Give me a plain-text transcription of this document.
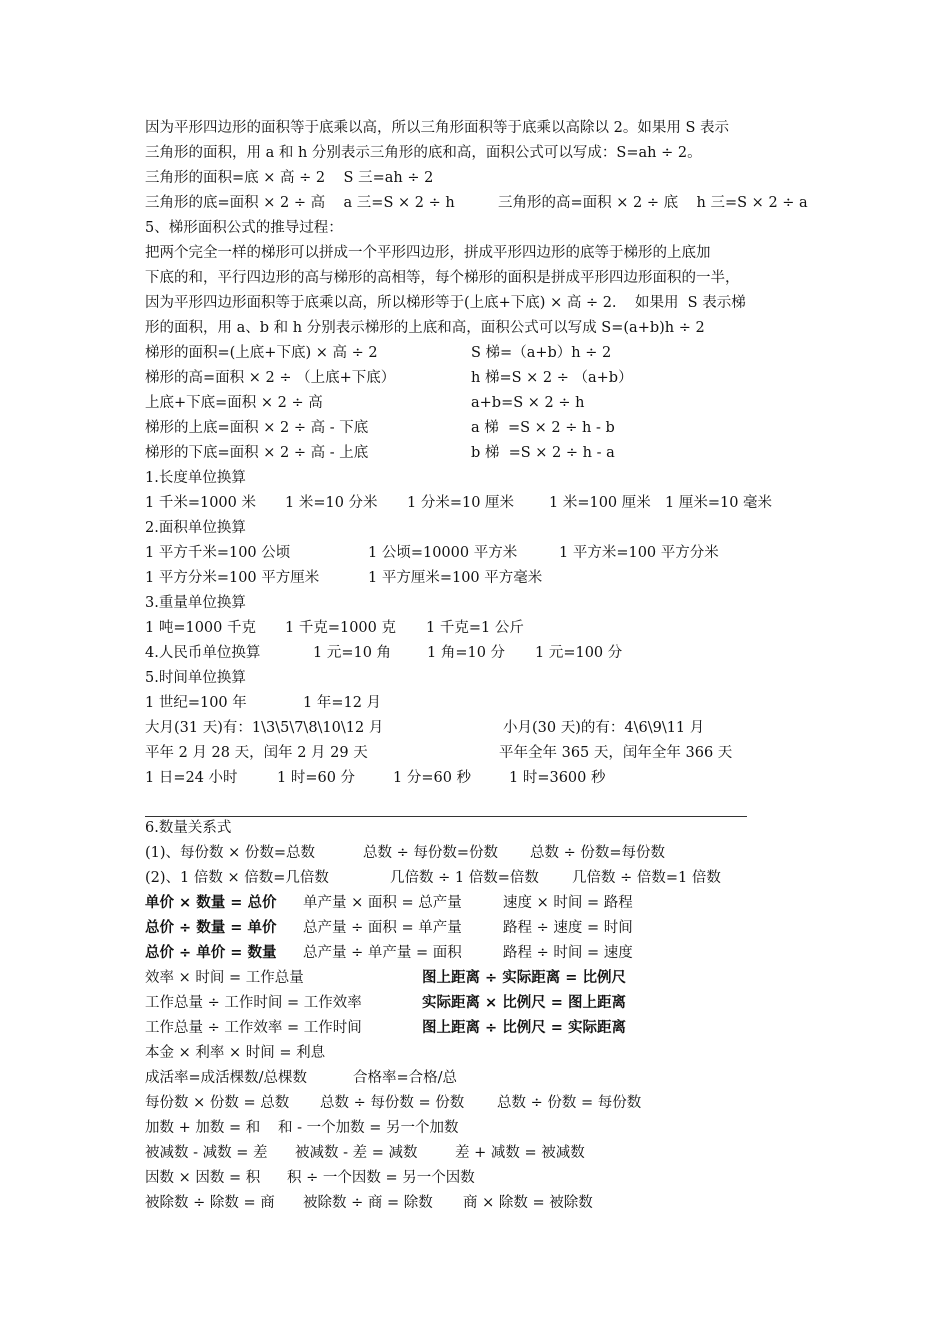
因为平形四边形的面积等于底乘以高，所以三角形面积等于底乘以高除以 2。如果用 S 表示
三角形的面积，用 a 和 h 分别表示三角形的底和高，面积公式可以写成：S=ah ÷ 2。
三角形的面积=底 × 高 ÷ 2    S 三=ah ÷ 2
三角形的底=面积 × 2 ÷ 高    a 三=S × 2 ÷ h	三角形的高=面积 × 2 ÷ 底    h 三=S × 2 ÷ a
5、梯形面积公式的推导过程：
把两个完全一样的梯形可以拼成一个平形四边形，拼成平形四边形的底等于梯形的上底加
下底的和，平行四边形的高与梯形的高相等，每个梯形的面积是拼成平形四边形面积的一半，
因为平形四边形面积等于底乘以高，所以梯形等于(上底+下底) × 高 ÷ 2.    如果用  S 表示梯
形的面积，用 a、b 和 h 分别表示梯形的上底和高，面积公式可以写成 S=(a+b)h ÷ 2
梯形的面积=(上底+下底) × 高 ÷ 2	S 梯=（a+b）h ÷ 2
梯形的高=面积 × 2 ÷ （上底+下底）	h 梯=S × 2 ÷ （a+b）
上底+下底=面积 × 2 ÷ 高	a+b=S × 2 ÷ h
梯形的上底=面积 × 2 ÷ 高 - 下底	a 梯  =S × 2 ÷ h - b
梯形的下底=面积 × 2 ÷ 高 - 上底	b 梯  =S × 2 ÷ h - a
1.长度单位换算
1 千米=1000 米 1 米=10 分米 1 分米=10 厘米 1 米=100 厘米 1 厘米=10 毫米
2.面积单位换算
1 平方千米=100 公顷	1 公顷=10000 平方米	1 平方米=100 平方分米
1 平方分米=100 平方厘米	1 平方厘米=100 平方毫米
3.重量单位换算
1 吨=1000 千克 1 千克=1000 克 1 千克=1 公斤
4.人民币单位换算	1 元=10 角 1 角=10 分 1 元=100 分
5.时间单位换算
1 世纪=100 年	1 年=12 月
大月(31 天)有：1\3\5\7\8\10\12 月	小月(30 天)的有：4\6\9\11 月
平年 2 月 28 天，闰年 2 月 29 天	平年全年 365 天，闰年全年 366 天
1 日=24 小时	1 时=60 分	1 分=60 秒	1 时=3600 秒
6.数量关系式
(1)、每份数 × 份数=总数	总数 ÷ 每份数=份数 总数 ÷ 份数=每份数
(2)、1 倍数 × 倍数=几倍数	几倍数 ÷ 1 倍数=倍数 几倍数 ÷ 倍数=1 倍数
单价 × 数量 = 总价 单产量 × 面积 = 总产量	速度 × 时间 = 路程
总价 ÷ 数量 = 单价 总产量 ÷ 面积 = 单产量	路程 ÷ 速度 = 时间
总价 ÷ 单价 = 数量 总产量 ÷ 单产量 = 面积	路程 ÷ 时间 = 速度
效率 × 时间 = 工作总量	图上距离 ÷ 实际距离 = 比例尺
工作总量 ÷ 工作时间 = 工作效率	实际距离 × 比例尺 = 图上距离
工作总量 ÷ 工作效率 = 工作时间	图上距离 ÷ 比例尺 = 实际距离
本金 × 利率 × 时间 = 利息
成活率=成活棵数/总棵数	合格率=合格/总
每份数 × 份数 = 总数 总数 ÷ 每份数 = 份数 总数 ÷ 份数 = 每份数
加数 + 加数 = 和 和 - 一个加数 = 另一个加数
被减数 - 减数 = 差 被减数 - 差 = 减数	差 + 减数 = 被减数
因数 × 因数 = 积 积 ÷ 一个因数 = 另一个因数
被除数 ÷ 除数 = 商 被除数 ÷ 商 = 除数 商 × 除数 = 被除数
